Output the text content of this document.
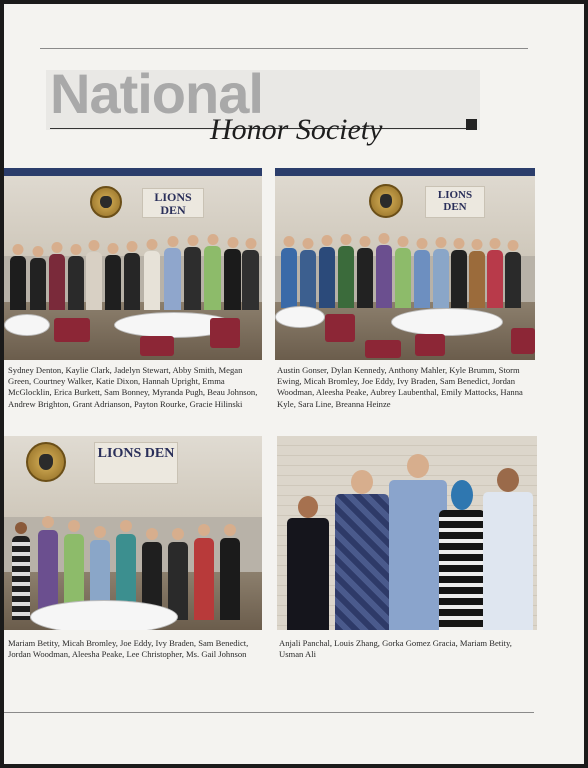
National
Honor Society
LIONS DEN
Sydney Denton, Kaylie Clark, Jadelyn Stewart, Abby Smith, Megan Green, Courtney Walker, Katie Dixon, Hannah Upright, Emma McGlocklin, Erica Burkett, Sam Bonney, Myranda Pugh, Beau Johnson, Andrew Brighton, Grant Adrianson, Payton Rourke, Gracie Hilinski
LIONS DEN
Austin Gonser, Dylan Kennedy, Anthony Mahler, Kyle Brumm, Storm Ewing, Micah Bromley, Joe Eddy, Ivy Braden, Sam Benedict, Jordan Woodman, Aleesha Peake, Aubrey Laubenthal, Emily Mattocks, Hanna Kyle, Sara Line, Breanna Heinze
LIONS DEN
Mariam Betity, Micah Bromley, Joe Eddy, Ivy Braden, Sam Benedict, Jordan Woodman, Aleesha Peake, Lee Christopher, Ms. Gail Johnson
Anjali Panchal, Louis Zhang, Gorka Gomez Gracia, Mariam Betity, Usman Ali
